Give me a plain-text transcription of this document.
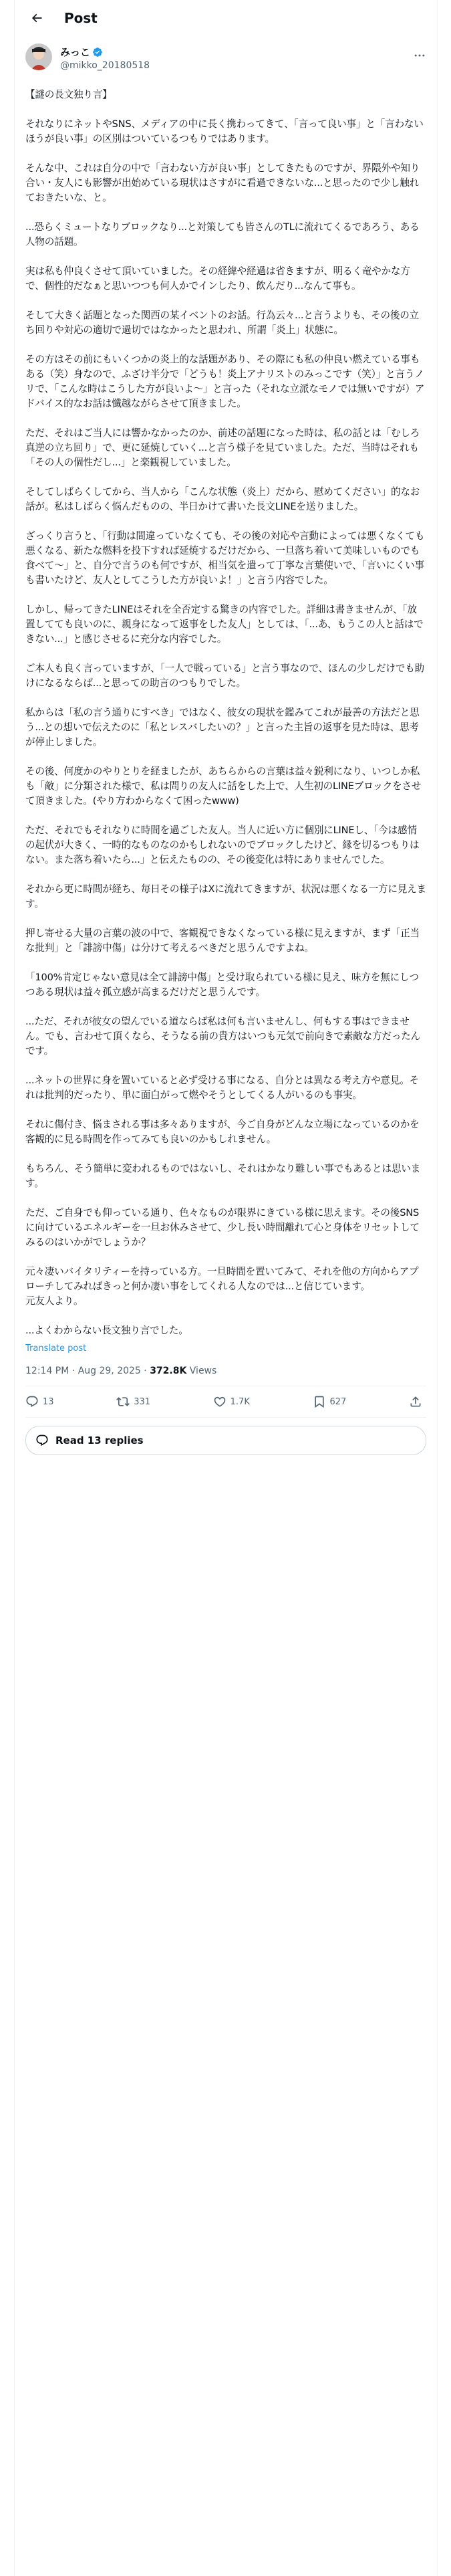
Post
みっこ
@mikko_20180518

【謎の長文独り言】

それなりにネットやSNS、メディアの中に長く携わってきて、「言って良い事」と「言わないほうが良い事」の区別はついているつもりではあります。

そんな中、これは自分の中で「言わない方が良い事」としてきたものですが、界隈外や知り合い・友人にも影響が出始めている現状はさすがに看過できないな...と思ったので少し触れておきたいな、と。

...恐らくミュートなりブロックなり...と対策しても皆さんのTLに流れてくるであろう、ある人物の話題。

実は私も仲良くさせて頂いていました。その経緯や経過は省きますが、明るく竜やかな方で、個性的だなぁと思いつつも何人かでインしたり、飲んだり...なんて事も。

そして大きく話題となった関西の某イベントのお話。行為云々...と言うよりも、その後の立ち回りや対応の適切で過切ではなかったと思われ、所謂「炎上」状態に。

その方はその前にもいくつかの炎上的な話題があり、その際にも私の仲良い燃えている事もある（笑）身なので、ふざけ半分で「どうも！炎上アナリストのみっこです（笑）」と言うノリで、「こんな時はこうした方が良いよ～」と言った（それな立派なモノでは無いですが）アドバイス的なお話は懺越ながらさせて頂きました。

ただ、それはご当人には響かなかったのか、前述の話題になった時は、私の話とは「むしろ真逆の立ち回り」で、更に延焼していく...と言う様子を見ていました。ただ、当時はそれも「その人の個性だし...」と楽観視していました。

そしてしばらくしてから、当人から「こんな状態（炎上）だから、慰めてください」的なお話が。私はしばらく悩んだものの、半日かけて書いた長文LINEを送りました。

ざっくり言うと、「行動は間違っていなくても、その後の対応や言動によっては悪くなくても悪くなる、新たな燃料を投下すれば延焼するだけだから、一旦落ち着いて美味しいものでも食べて〜」と、自分で言うのも何ですが、相当気を遣って丁寧な言葉使いで、「言いにくい事も書いたけど、友人としてこうした方が良いよ！」と言う内容でした。

しかし、帰ってきたLINEはそれを全否定する驚きの内容でした。詳細は書きませんが、「放置してても良いのに、親身になって返事をした友人」としては、「...あ、もうこの人と話はできない...」と感じさせるに充分な内容でした。

ご本人も良く言っていますが、「一人で戦っている」と言う事なので、ほんの少しだけでも助けになるならば...と思っての助言のつもりでした。

私からは「私の言う通りにすべき」ではなく、彼女の現状を鑑みてこれが最善の方法だと思う...との想いで伝えたのに「私とレスバしたいの？」と言った主旨の返事を見た時は、思考が停止しました。

その後、何度かのやりとりを経ましたが、あちらからの言葉は益々鋭利になり、いつしか私も「敵」に分類された様で、私は問りの友人に話をした上で、人生初のLINEブロックをさせて頂きました。(やり方わからなくて困ったwww)

ただ、それでもそれなりに時間を過ごした友人。当人に近い方に個別にLINEし、「今は感情の起伏が大きく、一時的なものなのかもしれないのでブロックしたけど、縁を切るつもりはない。また落ち着いたら...」と伝えたものの、その後変化は特にありませんでした。

それから更に時間が経ち、毎日その様子はXに流れてきますが、状況は悪くなる一方に見えます。

押し寄せる大量の言葉の波の中で、客観視できなくなっている様に見えますが、まず「正当な批判」と「誹謗中傷」は分けて考えるべきだと思うんですよね。

「100%肯定じゃない意見は全て誹謗中傷」と受け取られている様に見え、味方を無にしつつある現状は益々孤立感が高まるだけだと思うんです。

...ただ、それが彼女の望んでいる道ならば私は何も言いませんし、何もする事はできません。でも、言わせて頂くなら、そうなる前の貴方はいつも元気で前向きで素敵な方だったんです。

...ネットの世界に身を置いていると必ず受ける事になる、自分とは異なる考え方や意見。それは批判的だったり、単に面白がって燃やそうとしてくる人がいるのも事実。

それに傷付き、悩まされる事は多々ありますが、今ご自身がどんな立場になっているのかを客観的に見る時間を作ってみても良いのかもしれません。

もちろん、そう簡単に変われるものではないし、それはかなり難しい事でもあるとは思います。

ただ、ご自身でも仰っている通り、色々なものが限界にきている様に思えます。その後SNSに向けているエネルギーを一旦お休みさせて、少し長い時間離れて心と身体をリセットしてみるのはいかがでしょうか？

元々凄いバイタリティーを持っている方。一旦時間を置いてみて、それを他の方向からアプローチしてみればきっと何か凄い事をしてくれる人なのでは...と信じています。
元友人より。

...よくわからない長文独り言でした。

Translate post
12:14 PM · Aug 29, 2025 · 372.8K Views
13	331	1.7K	627
Read 13 replies
